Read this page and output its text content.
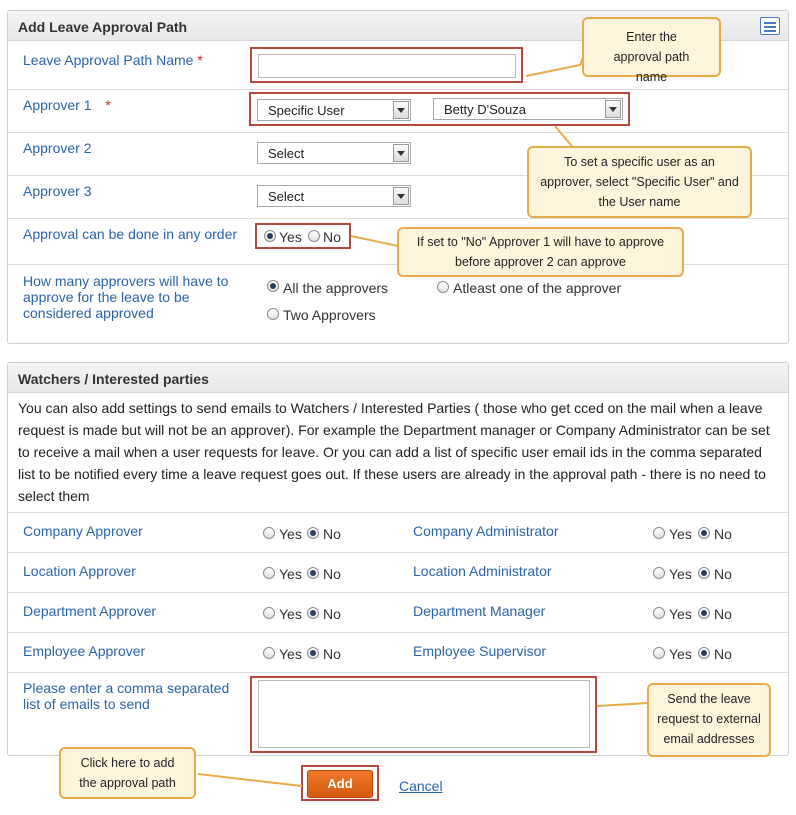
Add Leave Approval Path
Leave Approval Path Name *
Approver 1 *	Specific User	Betty D'Souza
Approver 2	Select
Approver 3	Select
Approval can be done in any order	Yes No
How many approvers will have to approve for the leave to be considered approved
All the approvers	Atleast one of the approver
Two Approvers
Watchers / Interested parties
You can also add settings to send emails to Watchers / Interested Parties ( those who get cced on the mail when a leave request is made but will not be an approver). For example the Department manager or Company Administrator can be set to receive a mail when a user requests for leave. Or you can add a list of specific user email ids in the comma separated list to be notified every time a leave request goes out. If these users are already in the approval path - there is no need to select them
Company Approver	Yes No	Company Administrator	Yes No
Location Approver	Yes No	Location Administrator	Yes No
Department Approver	Yes No	Department Manager	Yes No
Employee Approver	Yes No	Employee Supervisor	Yes No
Please enter a comma separated list of emails to send
Add	Cancel
Enter the approval path name
To set a specific user as an approver, select "Specific User" and the User name
If set to "No" Approver 1 will have to approve before approver 2 can approve
Send the leave request to external email addresses
Click here to add the approval path
